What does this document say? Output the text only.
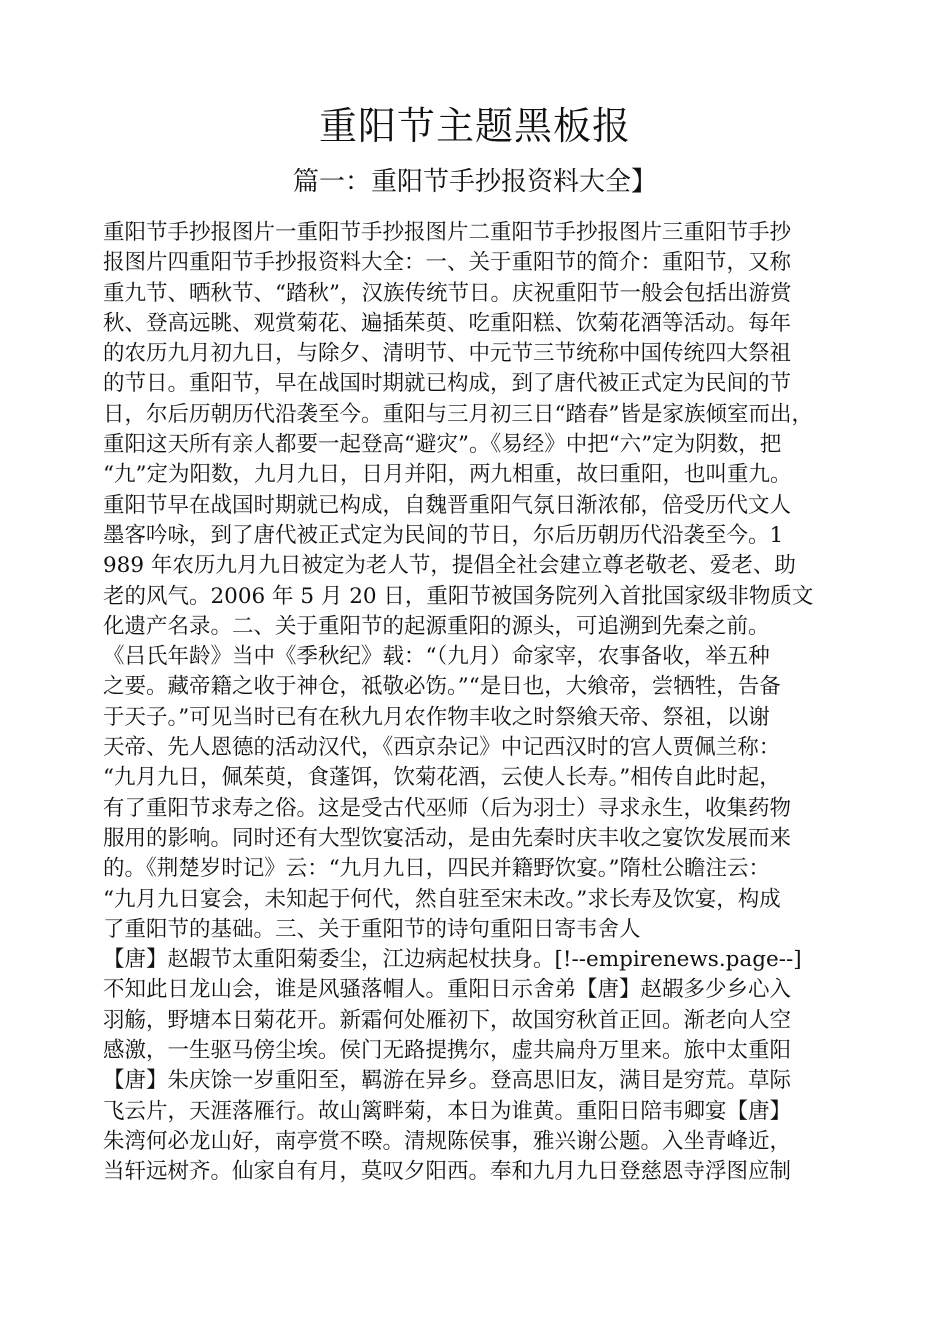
重阳节主题黑板报
篇一：重阳节手抄报资料大全】
重阳节手抄报图片一重阳节手抄报图片二重阳节手抄报图片三重阳节手抄
报图片四重阳节手抄报资料大全：一、关于重阳节的简介：重阳节，又称
重九节、晒秋节、“踏秋”，汉族传统节日。庆祝重阳节一般会包括出游赏
秋、登高远眺、观赏菊花、遍插茱萸、吃重阳糕、饮菊花酒等活动。每年
的农历九月初九日，与除夕、清明节、中元节三节统称中国传统四大祭祖
的节日。重阳节，早在战国时期就已构成，到了唐代被正式定为民间的节
日，尔后历朝历代沿袭至今。重阳与三月初三日“踏春”皆是家族倾室而出，
重阳这天所有亲人都要一起登高“避灾”。《易经》中把“六”定为阴数，把
“九”定为阳数，九月九日，日月并阳，两九相重，故曰重阳，也叫重九。
重阳节早在战国时期就已构成，自魏晋重阳气氛日渐浓郁，倍受历代文人
墨客吟咏，到了唐代被正式定为民间的节日，尔后历朝历代沿袭至今。1
989 年农历九月九日被定为老人节，提倡全社会建立尊老敬老、爱老、助
老的风气。2006 年 5 月 20 日，重阳节被国务院列入首批国家级非物质文
化遗产名录。二、关于重阳节的起源重阳的源头，可追溯到先秦之前。
《吕氏年龄》当中《季秋纪》载：“（九月）命家宰，农事备收，举五种
之要。藏帝籍之收于神仓，祗敬必饬。”“是日也，大飨帝，尝牺牲，告备
于天子。”可见当时已有在秋九月农作物丰收之时祭飨天帝、祭祖，以谢
天帝、先人恩德的活动汉代，《西京杂记》中记西汉时的宫人贾佩兰称：
“九月九日，佩茱萸，食蓬饵，饮菊花酒，云使人长寿。”相传自此时起，
有了重阳节求寿之俗。这是受古代巫师（后为羽士）寻求永生，收集药物
服用的影响。同时还有大型饮宴活动，是由先秦时庆丰收之宴饮发展而来
的。《荆楚岁时记》云：“九月九日，四民并籍野饮宴。”隋杜公瞻注云：
“九月九日宴会，未知起于何代，然自驻至宋未改。”求长寿及饮宴，构成
了重阳节的基础。三、关于重阳节的诗句重阳日寄韦舍人
【唐】赵嘏节太重阳菊委尘，江边病起杖扶身。[!--empirenews.page--]
不知此日龙山会，谁是风骚落帽人。重阳日示舍弟【唐】赵嘏多少乡心入
羽觞，野塘本日菊花开。新霜何处雁初下，故国穷秋首正回。渐老向人空
感激，一生驱马傍尘埃。侯门无路提携尔，虚共扁舟万里来。旅中太重阳
【唐】朱庆馀一岁重阳至，羁游在异乡。登高思旧友，满目是穷荒。草际
飞云片，天涯落雁行。故山篱畔菊，本日为谁黄。重阳日陪韦卿宴【唐】
朱湾何必龙山好，南亭赏不暌。清规陈侯事，雅兴谢公题。入坐青峰近，
当轩远树齐。仙家自有月，莫叹夕阳西。奉和九月九日登慈恩寺浮图应制
